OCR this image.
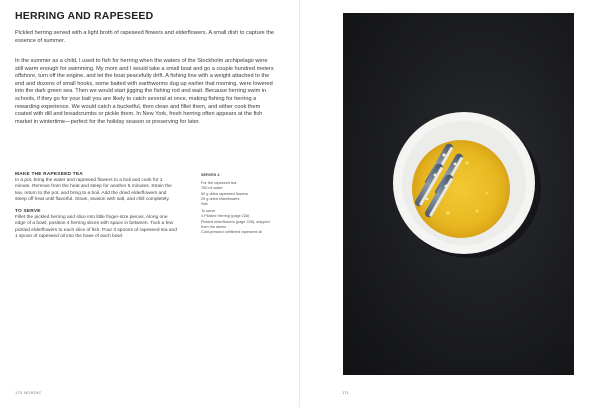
HERRING AND RAPESEED

Pickled herring served with a light broth of rapeseed flowers and elderflowers. A small dish to capture the essence of summer.

In the summer as a child, I used to fish for herring when the waters of the Stockholm archipelago were still warm enough for swimming. My mom and I would take a small boat and go a couple hundred meters offshore, turn off the engine, and let the boat peacefully drift. A fishing line with a weight attached to the end and dozens of small hooks, some baited with earthworms dug up earlier that morning, were lowered into the dark green sea. Then we would start jigging the fishing rod and wait. Because herring swim in schools, if they go for your bait you are likely to catch several at once, making fishing for herring a rewarding experience. We would catch a bucketful, then clean and fillet them, and either cook them coated with dill and breadcrumbs or pickle them. In New York, fresh herring often appears at the fish market in wintertime—perfect for the holiday season or preserving for later.

MAKE THE RAPESEED TEA

In a pot, bring the water and rapeseed flowers to a boil and cook for 1 minute. Remove from the heat and steep for another 5 minutes. Strain the tea, return to the pot, and bring to a boil. Add the dried elderflowers and steep off heat until flavorful. Strain, season with salt, and chill completely.

TO SERVE

Fillet the pickled herring and slice into little finger-size pieces. Along one edge of a bowl, position 4 herring slices with space in between. Tuck a few pickled elderflowers to each slice of fish. Pour 3 spoons of rapeseed tea and 1 spoon of rapeseed oil into the base of each bowl.

SERVES 4
For the rapeseed tea
750 ml water
50 g dried rapeseed flowers
25 g dried elderflowers
Salt
To serve
4 Pickled Herring (page 226)
Pickled elderflowers (page 228), snipped from the stems
Cold-pressed unfiltered rapeseed oil
170 NORDIC	171
